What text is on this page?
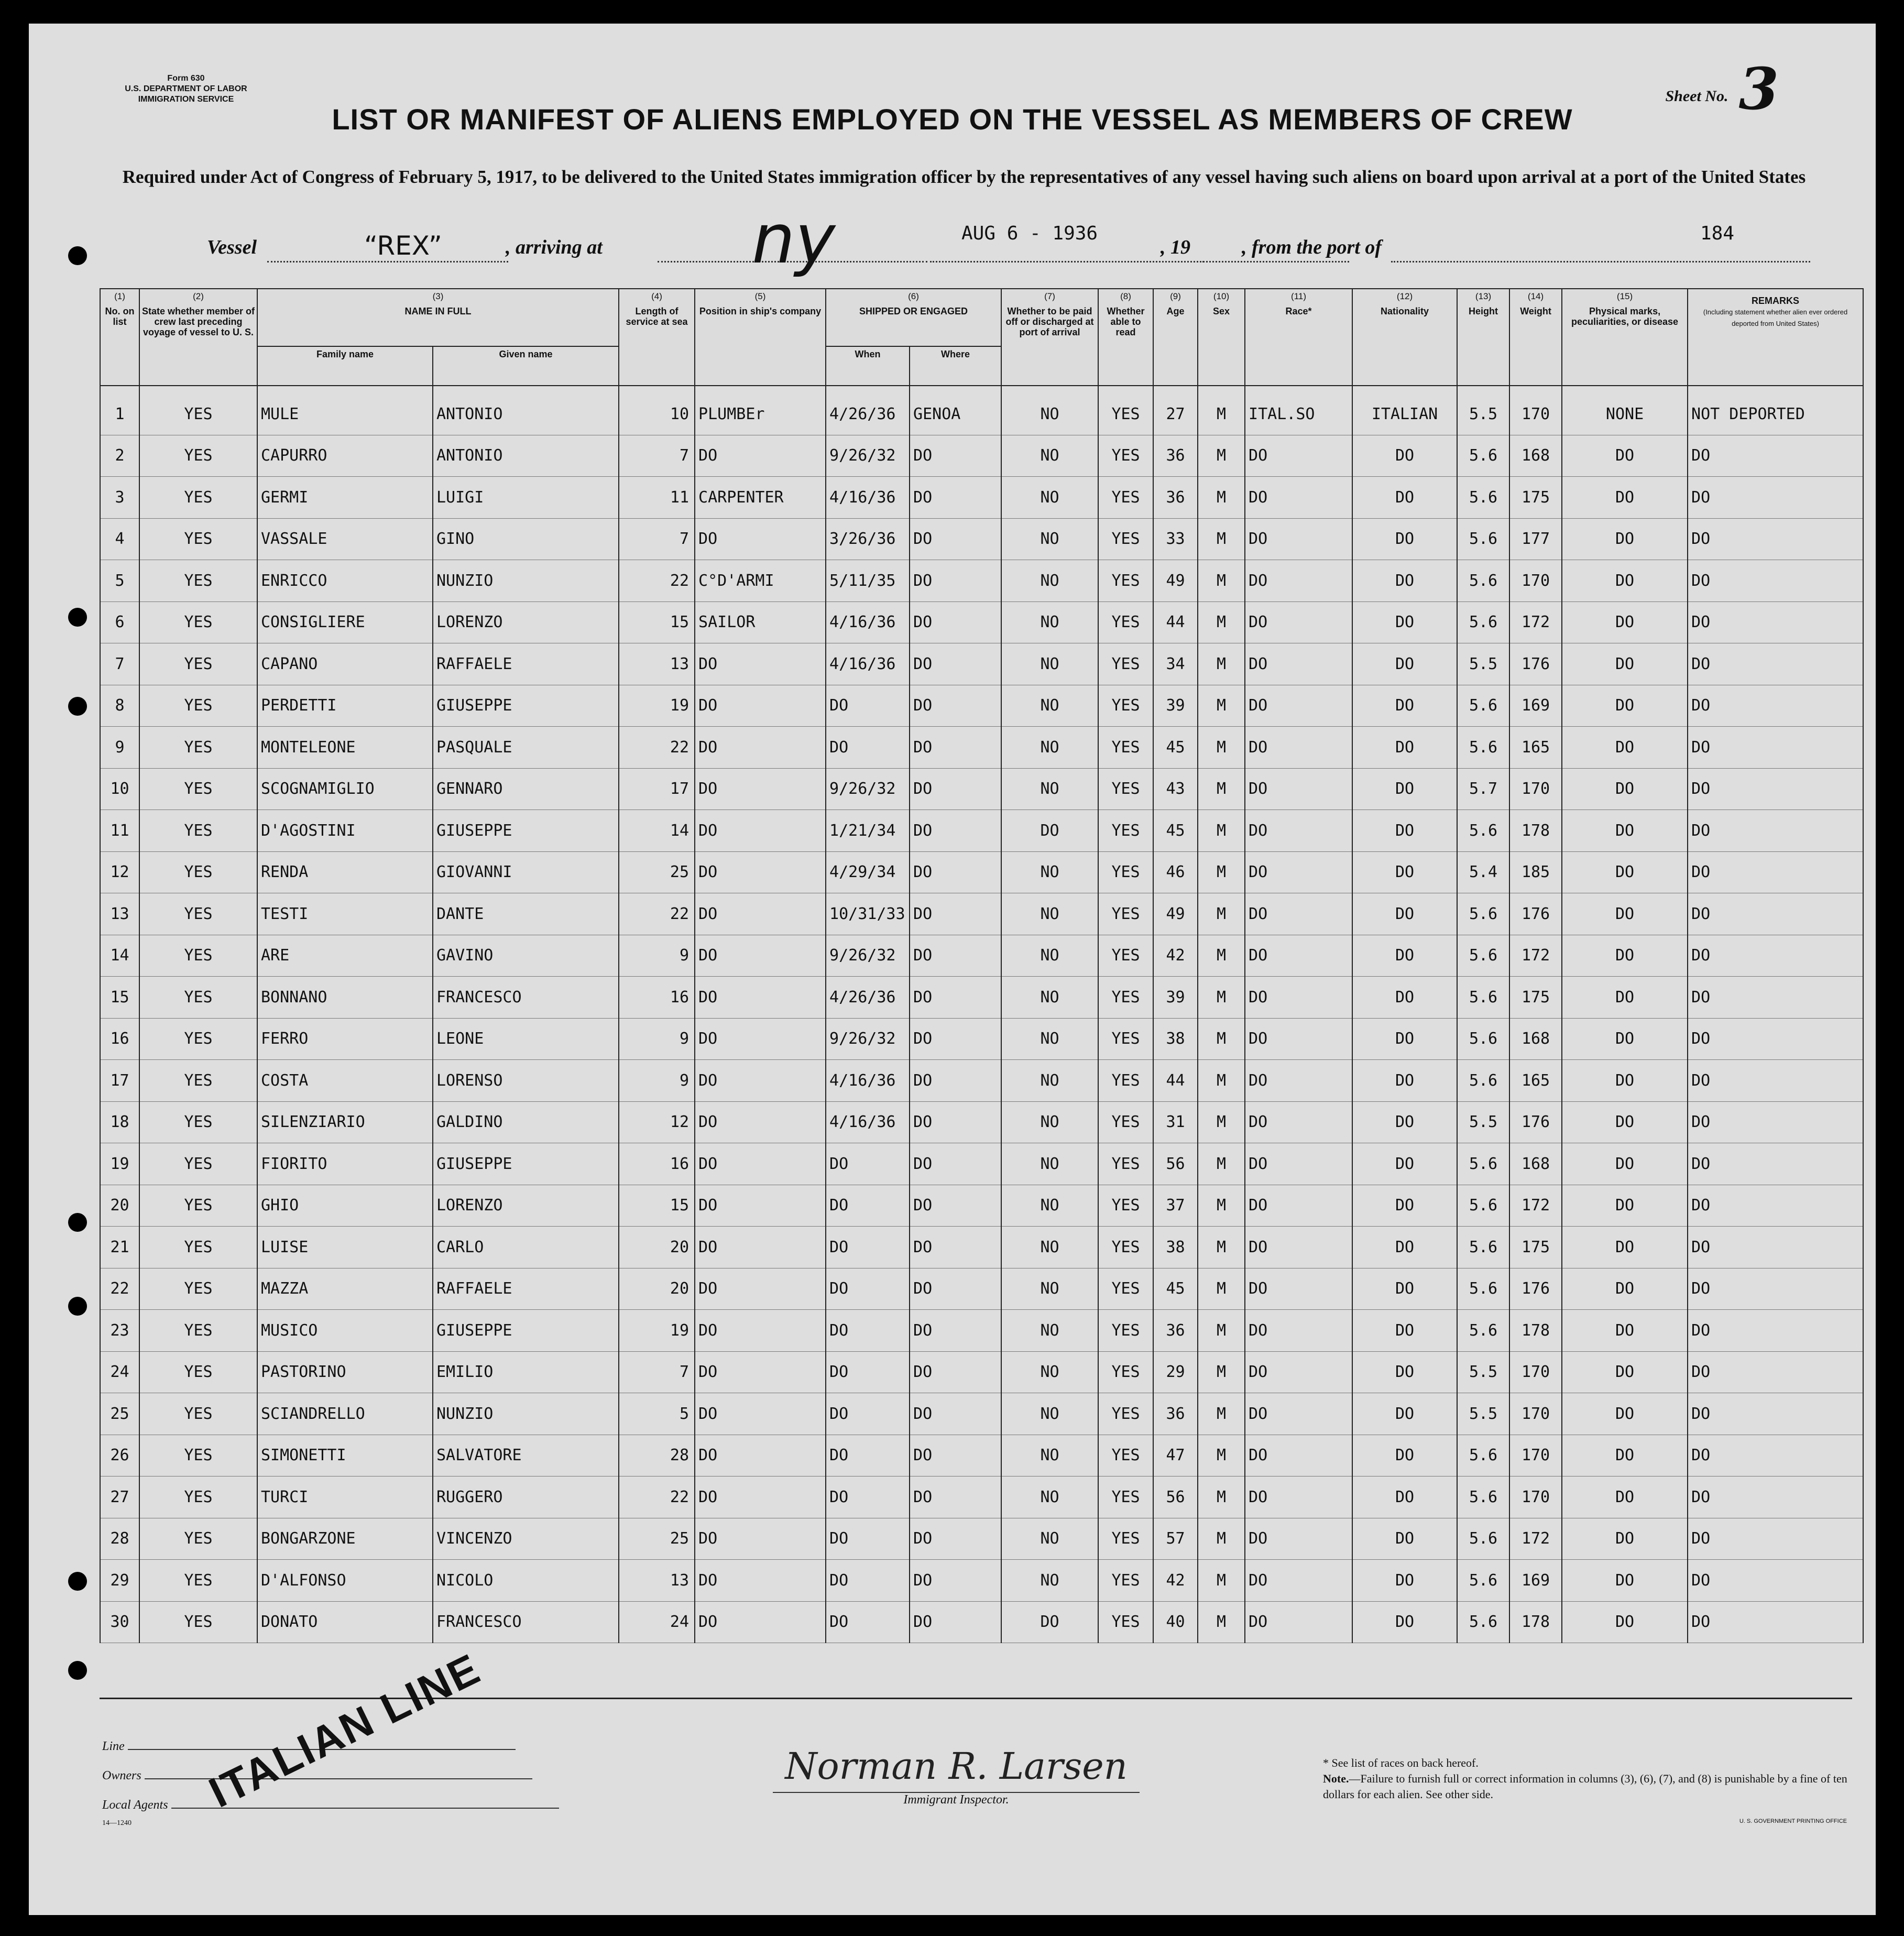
Form 630
U.S. DEPARTMENT OF LABOR
IMMIGRATION SERVICE	Sheet No. 3
LIST OR MANIFEST OF ALIENS EMPLOYED ON THE VESSEL AS MEMBERS OF CREW
Required under Act of Congress of February 5, 1917, to be delivered to the United States immigration officer by the representatives of any vessel having such aliens on board upon arrival at a port of the United States
Vessel	“REX”	, arriving at ny	AUG 6 - 1936
, 19	, from the port of
184
(1)
No. on list	(2)
State whether member of crew last preceding voyage of vessel to U. S.	(3)
NAME IN FULL		(4)
Length of service at sea	(5)
Position in ship's company	(6)
SHIPPED OR ENGAGED		(7)
Whether to be paid off or discharged at port of arrival	(8)
Whether able to read	(9)
Age	(10)
Sex	(11)
Race*	(12)
Nationality	(13)
Height	(14)
Weight	(15)
Physical marks, peculiarities, or disease	REMARKS
(Including statement whether alien ever ordered deported from United States)
		Family name	Given name			When	Where										
1	YES	MULE	ANTONIO	10	PLUMBEr	4/26/36	GENOA	NO	YES	27	M	ITAL.SO	ITALIAN	5.5	170	NONE	NOT DEPORTED
2	YES	CAPURRO	ANTONIO	7	DO	9/26/32	DO	NO	YES	36	M	DO	DO	5.6	168	DO	DO
3	YES	GERMI	LUIGI	11	CARPENTER	4/16/36	DO	NO	YES	36	M	DO	DO	5.6	175	DO	DO
4	YES	VASSALE	GINO	7	DO	3/26/36	DO	NO	YES	33	M	DO	DO	5.6	177	DO	DO
5	YES	ENRICCO	NUNZIO	22	C°D'ARMI	5/11/35	DO	NO	YES	49	M	DO	DO	5.6	170	DO	DO
6	YES	CONSIGLIERE	LORENZO	15	SAILOR	4/16/36	DO	NO	YES	44	M	DO	DO	5.6	172	DO	DO
7	YES	CAPANO	RAFFAELE	13	DO	4/16/36	DO	NO	YES	34	M	DO	DO	5.5	176	DO	DO
8	YES	PERDETTI	GIUSEPPE	19	DO	DO	DO	NO	YES	39	M	DO	DO	5.6	169	DO	DO
9	YES	MONTELEONE	PASQUALE	22	DO	DO	DO	NO	YES	45	M	DO	DO	5.6	165	DO	DO
10	YES	SCOGNAMIGLIO	GENNARO	17	DO	9/26/32	DO	NO	YES	43	M	DO	DO	5.7	170	DO	DO
11	YES	D'AGOSTINI	GIUSEPPE	14	DO	1/21/34	DO	DO	YES	45	M	DO	DO	5.6	178	DO	DO
12	YES	RENDA	GIOVANNI	25	DO	4/29/34	DO	NO	YES	46	M	DO	DO	5.4	185	DO	DO
13	YES	TESTI	DANTE	22	DO	10/31/33	DO	NO	YES	49	M	DO	DO	5.6	176	DO	DO
14	YES	ARE	GAVINO	9	DO	9/26/32	DO	NO	YES	42	M	DO	DO	5.6	172	DO	DO
15	YES	BONNANO	FRANCESCO	16	DO	4/26/36	DO	NO	YES	39	M	DO	DO	5.6	175	DO	DO
16	YES	FERRO	LEONE	9	DO	9/26/32	DO	NO	YES	38	M	DO	DO	5.6	168	DO	DO
17	YES	COSTA	LORENSO	9	DO	4/16/36	DO	NO	YES	44	M	DO	DO	5.6	165	DO	DO
18	YES	SILENZIARIO	GALDINO	12	DO	4/16/36	DO	NO	YES	31	M	DO	DO	5.5	176	DO	DO
19	YES	FIORITO	GIUSEPPE	16	DO	DO	DO	NO	YES	56	M	DO	DO	5.6	168	DO	DO
20	YES	GHIO	LORENZO	15	DO	DO	DO	NO	YES	37	M	DO	DO	5.6	172	DO	DO
21	YES	LUISE	CARLO	20	DO	DO	DO	NO	YES	38	M	DO	DO	5.6	175	DO	DO
22	YES	MAZZA	RAFFAELE	20	DO	DO	DO	NO	YES	45	M	DO	DO	5.6	176	DO	DO
23	YES	MUSICO	GIUSEPPE	19	DO	DO	DO	NO	YES	36	M	DO	DO	5.6	178	DO	DO
24	YES	PASTORINO	EMILIO	7	DO	DO	DO	NO	YES	29	M	DO	DO	5.5	170	DO	DO
25	YES	SCIANDRELLO	NUNZIO	5	DO	DO	DO	NO	YES	36	M	DO	DO	5.5	170	DO	DO
26	YES	SIMONETTI	SALVATORE	28	DO	DO	DO	NO	YES	47	M	DO	DO	5.6	170	DO	DO
27	YES	TURCI	RUGGERO	22	DO	DO	DO	NO	YES	56	M	DO	DO	5.6	170	DO	DO
28	YES	BONGARZONE	VINCENZO	25	DO	DO	DO	NO	YES	57	M	DO	DO	5.6	172	DO	DO
29	YES	D'ALFONSO	NICOLO	13	DO	DO	DO	NO	YES	42	M	DO	DO	5.6	169	DO	DO
30	YES	DONATO	FRANCESCO	24	DO	DO	DO	DO	YES	40	M	DO	DO	5.6	178	DO	DO
Line
Owners
Local Agents
14—1240
ITALIAN LINE	Norman R. Larsen
Immigrant Inspector.
* See list of races on back hereof.
Note.—Failure to furnish full or correct information in columns (3), (6), (7), and (8) is punishable by a fine of ten dollars for each alien. See other side.
U. S. GOVERNMENT PRINTING OFFICE
